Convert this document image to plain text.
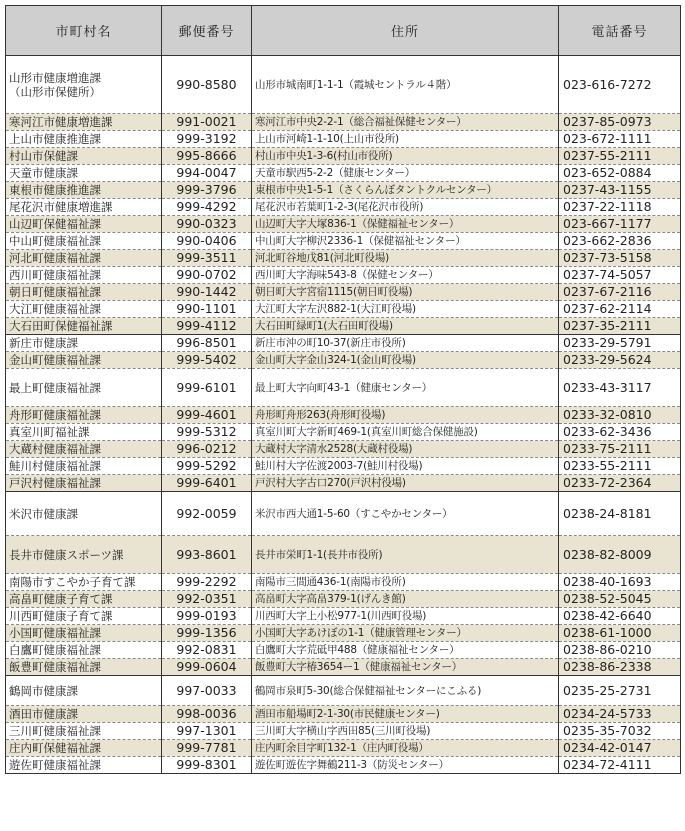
市町村名	郵便番号	住所	電話番号
山形市健康増進課
（山形市保健所）	990-8580	山形市城南町1-1-1（霞城セントラル４階）	023-616-7272
寒河江市健康増進課	991-0021	寒河江市中央2-2-1（総合福祉保健センター）	0237-85-0973
上山市健康推進課	999-3192	上山市河崎1-1-10(上山市役所)	023-672-1111
村山市保健課	995-8666	村山市中央1-3-6(村山市役所)	0237-55-2111
天童市健康課	994-0047	天童市駅西5-2-2（健康センター）	023-652-0884
東根市健康推進課	999-3796	東根市中央1-5-1（さくらんぼタントクルセンター）	0237-43-1155
尾花沢市健康増進課	999-4292	尾花沢市若葉町1-2-3(尾花沢市役所)	0237-22-1118
山辺町保健福祉課	990-0323	山辺町大字大塚836-1（保健福祉センター）	023-667-1177
中山町健康福祉課	990-0406	中山町大字柳沢2336-1（保健福祉センター）	023-662-2836
河北町健康福祉課	999-3511	河北町谷地戊81(河北町役場)	0237-73-5158
西川町健康福祉課	990-0702	西川町大字海味543-8（保健センター）	0237-74-5057
朝日町健康福祉課	990-1442	朝日町大字宮宿1115(朝日町役場)	0237-67-2116
大江町健康福祉課	990-1101	大江町大字左沢882-1(大江町役場)	0237-62-2114
大石田町保健福祉課	999-4112	大石田町緑町1(大石田町役場)	0237-35-2111
新庄市健康課	996-8501	新庄市沖の町10-37(新庄市役所)	0233-29-5791
金山町健康福祉課	999-5402	金山町大字金山324-1(金山町役場)	0233-29-5624
最上町健康福祉課	999-6101	最上町大字向町43-1（健康センター）	0233-43-3117
舟形町健康福祉課	999-4601	舟形町舟形263(舟形町役場)	0233-32-0810
真室川町福祉課	999-5312	真室川町大字新町469-1(真室川町総合保健施設)	0233-62-3436
大蔵村健康福祉課	996-0212	大蔵村大字清水2528(大蔵村役場)	0233-75-2111
鮭川村健康福祉課	999-5292	鮭川村大字佐渡2003-7(鮭川村役場)	0233-55-2111
戸沢村健康福祉課	999-6401	戸沢村大字古口270(戸沢村役場)	0233-72-2364
米沢市健康課	992-0059	米沢市西大通1-5-60（すこやかセンター）	0238-24-8181
長井市健康スポーツ課	993-8601	長井市栄町1-1(長井市役所)	0238-82-8009
南陽市すこやか子育て課	999-2292	南陽市三間通436-1(南陽市役所)	0238-40-1693
高畠町健康子育て課	992-0351	高畠町大字高畠379-1(げんき館)	0238-52-5045
川西町健康子育て課	999-0193	川西町大字上小松977-1(川西町役場)	0238-42-6640
小国町健康福祉課	999-1356	小国町大字あけぼの1-1（健康管理センター）	0238-61-1000
白鷹町健康福祉課	992-0831	白鷹町大字荒砥甲488（健康福祉センター）	0238-86-0210
飯豊町健康福祉課	999-0604	飯豊町大字椿3654ー1（健康福祉センター）	0238-86-2338
鶴岡市健康課	997-0033	鶴岡市泉町5-30(総合保健福祉センターにこふる)	0235-25-2731
酒田市健康課	998-0036	酒田市船場町2-1-30(市民健康センター)	0234-24-5733
三川町健康福祉課	997-1301	三川町大字横山字西田85(三川町役場)	0235-35-7032
庄内町保健福祉課	999-7781	庄内町余目字町132-1（庄内町役場）	0234-42-0147
遊佐町健康福祉課	999-8301	遊佐町遊佐字舞鶴211-3（防災センター）	0234-72-4111
